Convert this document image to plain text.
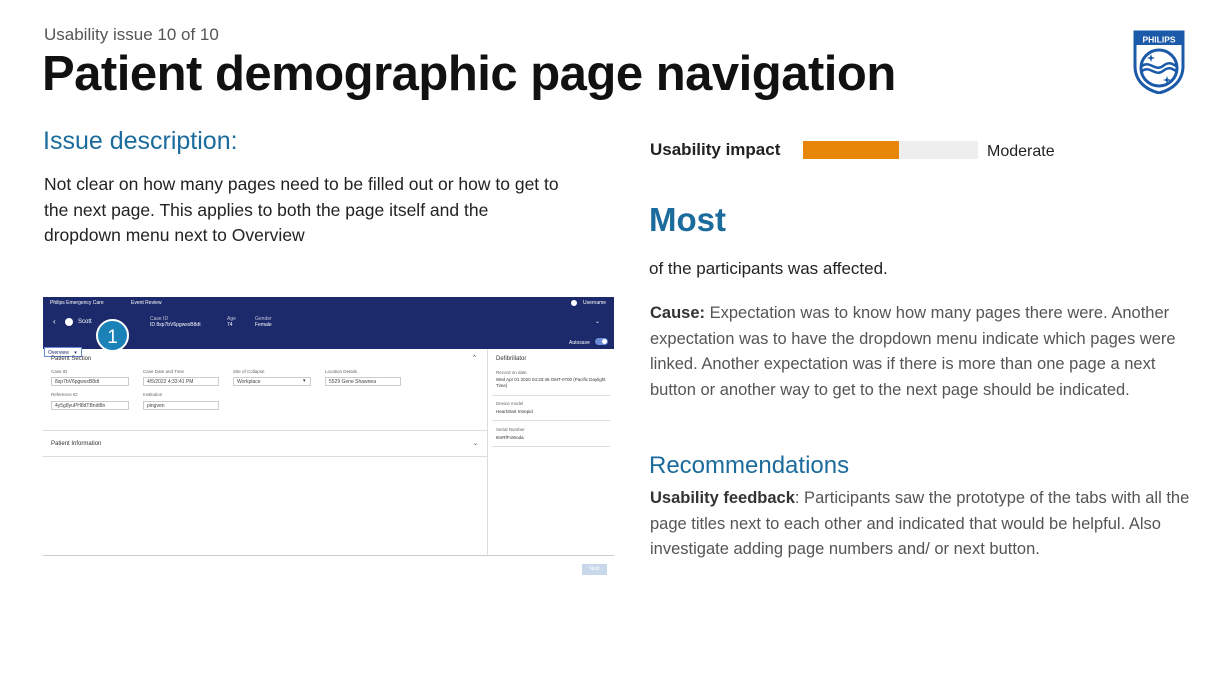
Usability issue 10 of 10
Patient demographic page navigation
PHILIPS
Issue description:
Not clear on how many pages need to be filled out or how to get to the next page. This applies to both the page itself and the dropdown menu next to Overview
Philips Emergency Care	Event Review	Username
‹	Scott	Case ID
ID 8sp7bV6pgwsxB8dt
Age
74
Gender
Female	⌄
Overview ▾
Autosave
1
Patient Section	^
Case ID
8sp7bV6pgwsxB8dt
Case Date and Time
4/5/2022 4:33:41 PM
Site of Collapse
Workplace	▾
Location Details
5529 Gene Shawnea
Reference ID
4y5g8yuPH8dTBndt8n
Institution
pingven
Patient Information	⌄
Defibrillator
Record on date
Wed Apr 01 2020 04:33:46 GMT-0700 (Pacific Daylight Time)
Device model
HeartStart Intrepid
Serial Number
8mRfFoWoda
Next
Usability impact	Moderate
Most
of the participants was affected.
Cause: Expectation was to know how many pages there were. Another expectation was to have the dropdown menu indicate which pages were linked. Another expectation was if there is more than one page a next button or another way to get to the next page should be indicated.
Recommendations
Usability feedback: Participants saw the prototype of the tabs with all the page titles next to each other and indicated that would be helpful. Also investigate adding page numbers and/ or next button.
